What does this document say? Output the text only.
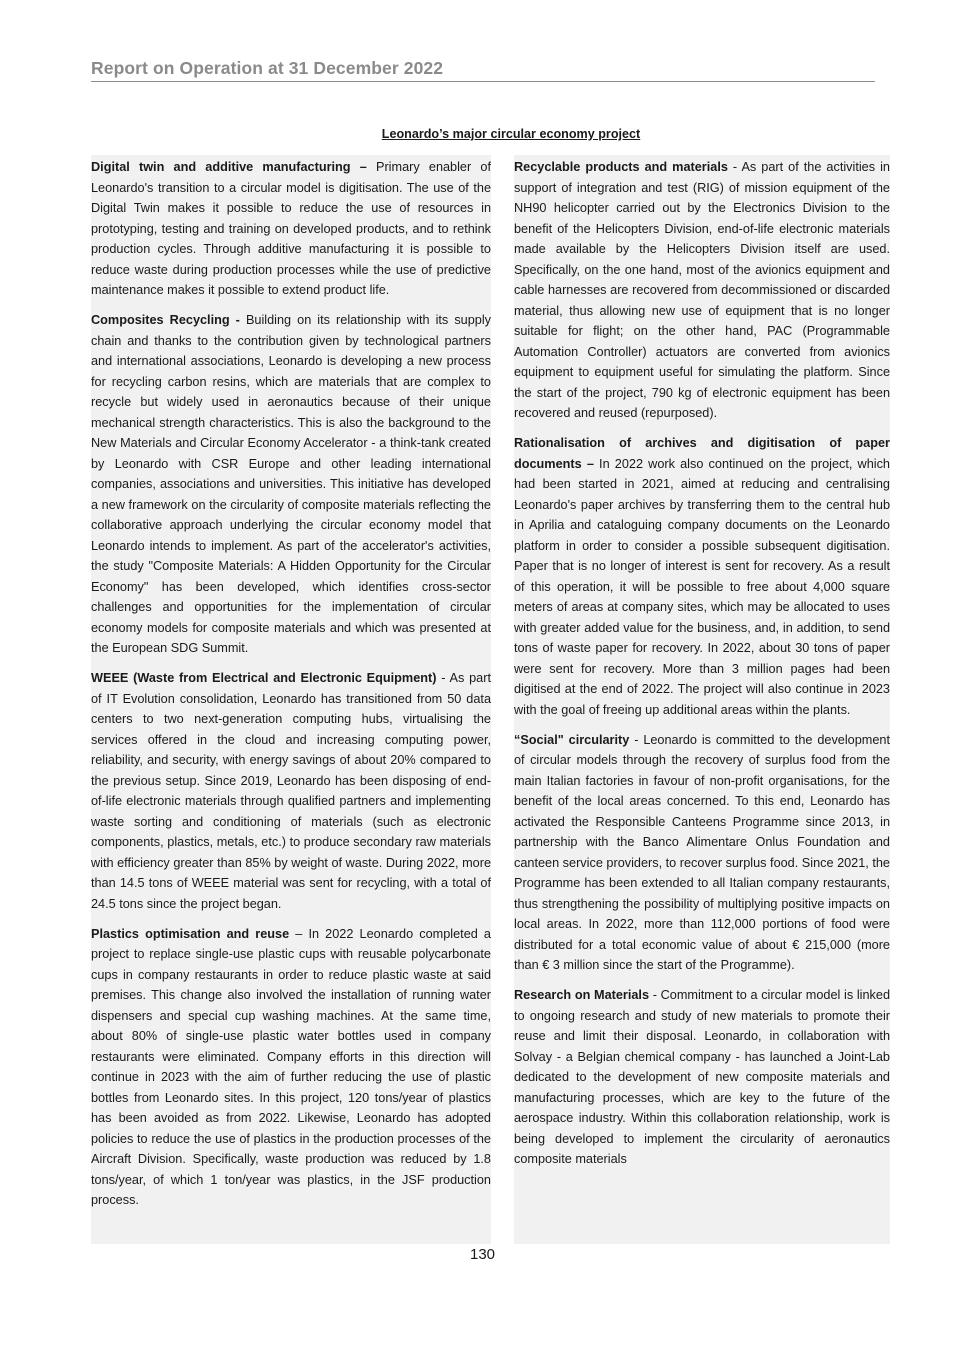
Report on Operation at 31 December 2022
Leonardo’s major circular economy project

Digital twin and additive manufacturing – Primary enabler of Leonardo's transition to a circular model is digitisation. The use of the Digital Twin makes it possible to reduce the use of resources in prototyping, testing and training on developed products, and to rethink production cycles. Through additive manufacturing it is possible to reduce waste during production processes while the use of predictive maintenance makes it possible to extend product life.

Composites Recycling - Building on its relationship with its supply chain and thanks to the contribution given by technological partners and international associations, Leonardo is developing a new process for recycling carbon resins, which are materials that are complex to recycle but widely used in aeronautics because of their unique mechanical strength characteristics. This is also the background to the New Materials and Circular Economy Accelerator - a think-tank created by Leonardo with CSR Europe and other leading international companies, associations and universities. This initiative has developed a new framework on the circularity of composite materials reflecting the collaborative approach underlying the circular economy model that Leonardo intends to implement. As part of the accelerator's activities, the study "Composite Materials: A Hidden Opportunity for the Circular Economy" has been developed, which identifies cross-sector challenges and opportunities for the implementation of circular economy models for composite materials and which was presented at the European SDG Summit.

WEEE (Waste from Electrical and Electronic Equipment) - As part of IT Evolution consolidation, Leonardo has transitioned from 50 data centers to two next-generation computing hubs, virtualising the services offered in the cloud and increasing computing power, reliability, and security, with energy savings of about 20% compared to the previous setup. Since 2019, Leonardo has been disposing of end-of-life electronic materials through qualified partners and implementing waste sorting and conditioning of materials (such as electronic components, plastics, metals, etc.) to produce secondary raw materials with efficiency greater than 85% by weight of waste. During 2022, more than 14.5 tons of WEEE material was sent for recycling, with a total of 24.5 tons since the project began.

Plastics optimisation and reuse – In 2022 Leonardo completed a project to replace single-use plastic cups with reusable polycarbonate cups in company restaurants in order to reduce plastic waste at said premises. This change also involved the installation of running water dispensers and special cup washing machines. At the same time, about 80% of single-use plastic water bottles used in company restaurants were eliminated. Company efforts in this direction will continue in 2023 with the aim of further reducing the use of plastic bottles from Leonardo sites. In this project, 120 tons/year of plastics has been avoided as from 2022. Likewise, Leonardo has adopted policies to reduce the use of plastics in the production processes of the Aircraft Division. Specifically, waste production was reduced by 1.8 tons/year, of which 1 ton/year was plastics, in the JSF production process.

Recyclable products and materials - As part of the activities in support of integration and test (RIG) of mission equipment of the NH90 helicopter carried out by the Electronics Division to the benefit of the Helicopters Division, end-of-life electronic materials made available by the Helicopters Division itself are used. Specifically, on the one hand, most of the avionics equipment and cable harnesses are recovered from decommissioned or discarded material, thus allowing new use of equipment that is no longer suitable for flight; on the other hand, PAC (Programmable Automation Controller) actuators are converted from avionics equipment to equipment useful for simulating the platform. Since the start of the project, 790 kg of electronic equipment has been recovered and reused (repurposed).

Rationalisation of archives and digitisation of paper documents – In 2022 work also continued on the project, which had been started in 2021, aimed at reducing and centralising Leonardo's paper archives by transferring them to the central hub in Aprilia and cataloguing company documents on the Leonardo platform in order to consider a possible subsequent digitisation. Paper that is no longer of interest is sent for recovery. As a result of this operation, it will be possible to free about 4,000 square meters of areas at company sites, which may be allocated to uses with greater added value for the business, and, in addition, to send tons of waste paper for recovery. In 2022, about 30 tons of paper were sent for recovery. More than 3 million pages had been digitised at the end of 2022. The project will also continue in 2023 with the goal of freeing up additional areas within the plants.

“Social" circularity - Leonardo is committed to the development of circular models through the recovery of surplus food from the main Italian factories in favour of non-profit organisations, for the benefit of the local areas concerned. To this end, Leonardo has activated the Responsible Canteens Programme since 2013, in partnership with the Banco Alimentare Onlus Foundation and canteen service providers, to recover surplus food. Since 2021, the Programme has been extended to all Italian company restaurants, thus strengthening the possibility of multiplying positive impacts on local areas. In 2022, more than 112,000 portions of food were distributed for a total economic value of about € 215,000 (more than € 3 million since the start of the Programme).

Research on Materials - Commitment to a circular model is linked to ongoing research and study of new materials to promote their reuse and limit their disposal. Leonardo, in collaboration with Solvay - a Belgian chemical company - has launched a Joint-Lab dedicated to the development of new composite materials and manufacturing processes, which are key to the future of the aerospace industry. Within this collaboration relationship, work is being developed to implement the circularity of aeronautics composite materials

130
